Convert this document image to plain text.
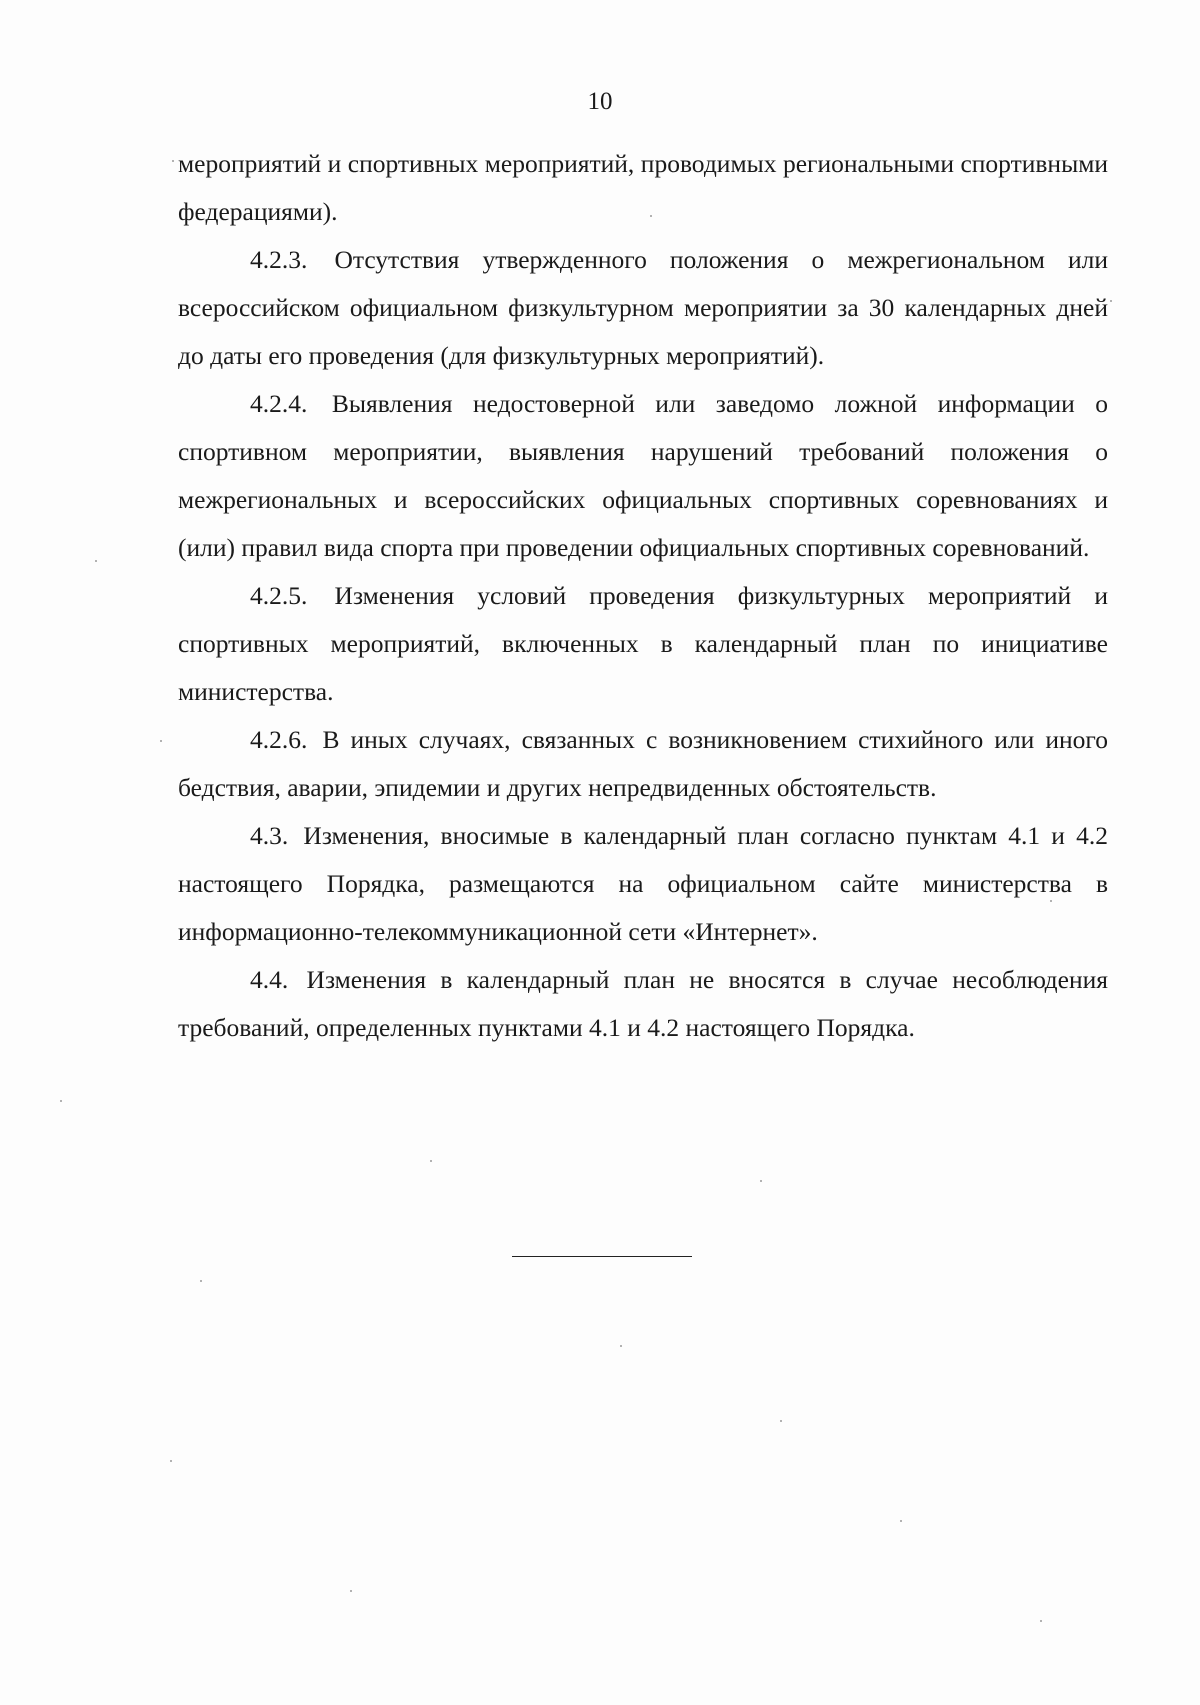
10

мероприятий и спортивных мероприятий, проводимых региональными спортивными федерациями).

4.2.3. Отсутствия утвержденного положения о межрегиональном или всероссийском официальном физкультурном мероприятии за 30 календарных дней до даты его проведения (для физкультурных мероприятий).

4.2.4. Выявления недостоверной или заведомо ложной информации о спортивном мероприятии, выявления нарушений требований положения о межрегиональных и всероссийских официальных спортивных соревнованиях и (или) правил вида спорта при проведении официальных спортивных соревнований.

4.2.5. Изменения условий проведения физкультурных мероприятий и спортивных мероприятий, включенных в календарный план по инициативе министерства.

4.2.6. В иных случаях, связанных с возникновением стихийного или иного бедствия, аварии, эпидемии и других непредвиденных обстоятельств.

4.3. Изменения, вносимые в календарный план согласно пунктам 4.1 и 4.2 настоящего Порядка, размещаются на официальном сайте министерства в информационно-телекоммуникационной сети «Интернет».

4.4. Изменения в календарный план не вносятся в случае несоблюдения требований, определенных пунктами 4.1 и 4.2 настоящего Порядка.
